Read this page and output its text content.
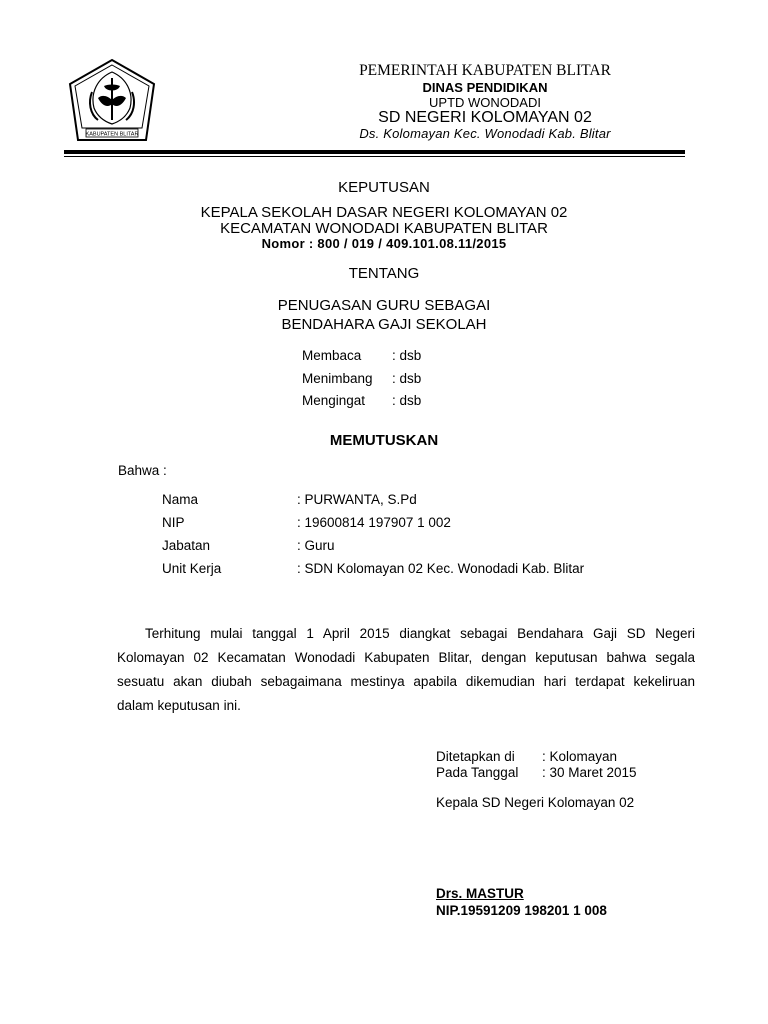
KABUPATEN BLITAR
PEMERINTAH KABUPATEN BLITAR
DINAS PENDIDIKAN
UPTD WONODADI
SD NEGERI KOLOMAYAN 02
Ds. Kolomayan Kec. Wonodadi Kab. Blitar
KEPUTUSAN
KEPALA SEKOLAH DASAR NEGERI KOLOMAYAN 02
KECAMATAN WONODADI KABUPATEN BLITAR
Nomor : 800 / 019 / 409.101.08.11/2015
TENTANG
PENUGASAN GURU SEBAGAI
BENDAHARA GAJI SEKOLAH
Membaca : dsb
Menimbang : dsb
Mengingat : dsb
MEMUTUSKAN
Bahwa :
Nama	: PURWANTA, S.Pd
NIP	: 19600814 197907 1 002
Jabatan	: Guru
Unit Kerja	: SDN Kolomayan 02 Kec. Wonodadi Kab. Blitar
Terhitung mulai tanggal 1 April 2015 diangkat sebagai Bendahara Gaji SD Negeri
Kolomayan 02 Kecamatan Wonodadi Kabupaten Blitar, dengan keputusan bahwa segala
sesuatu akan diubah sebagaimana mestinya apabila dikemudian hari terdapat kekeliruan
dalam keputusan ini.
Ditetapkan di : Kolomayan
Pada Tanggal : 30 Maret 2015
Kepala SD Negeri Kolomayan 02
Drs. MASTUR
NIP.19591209 198201 1 008
